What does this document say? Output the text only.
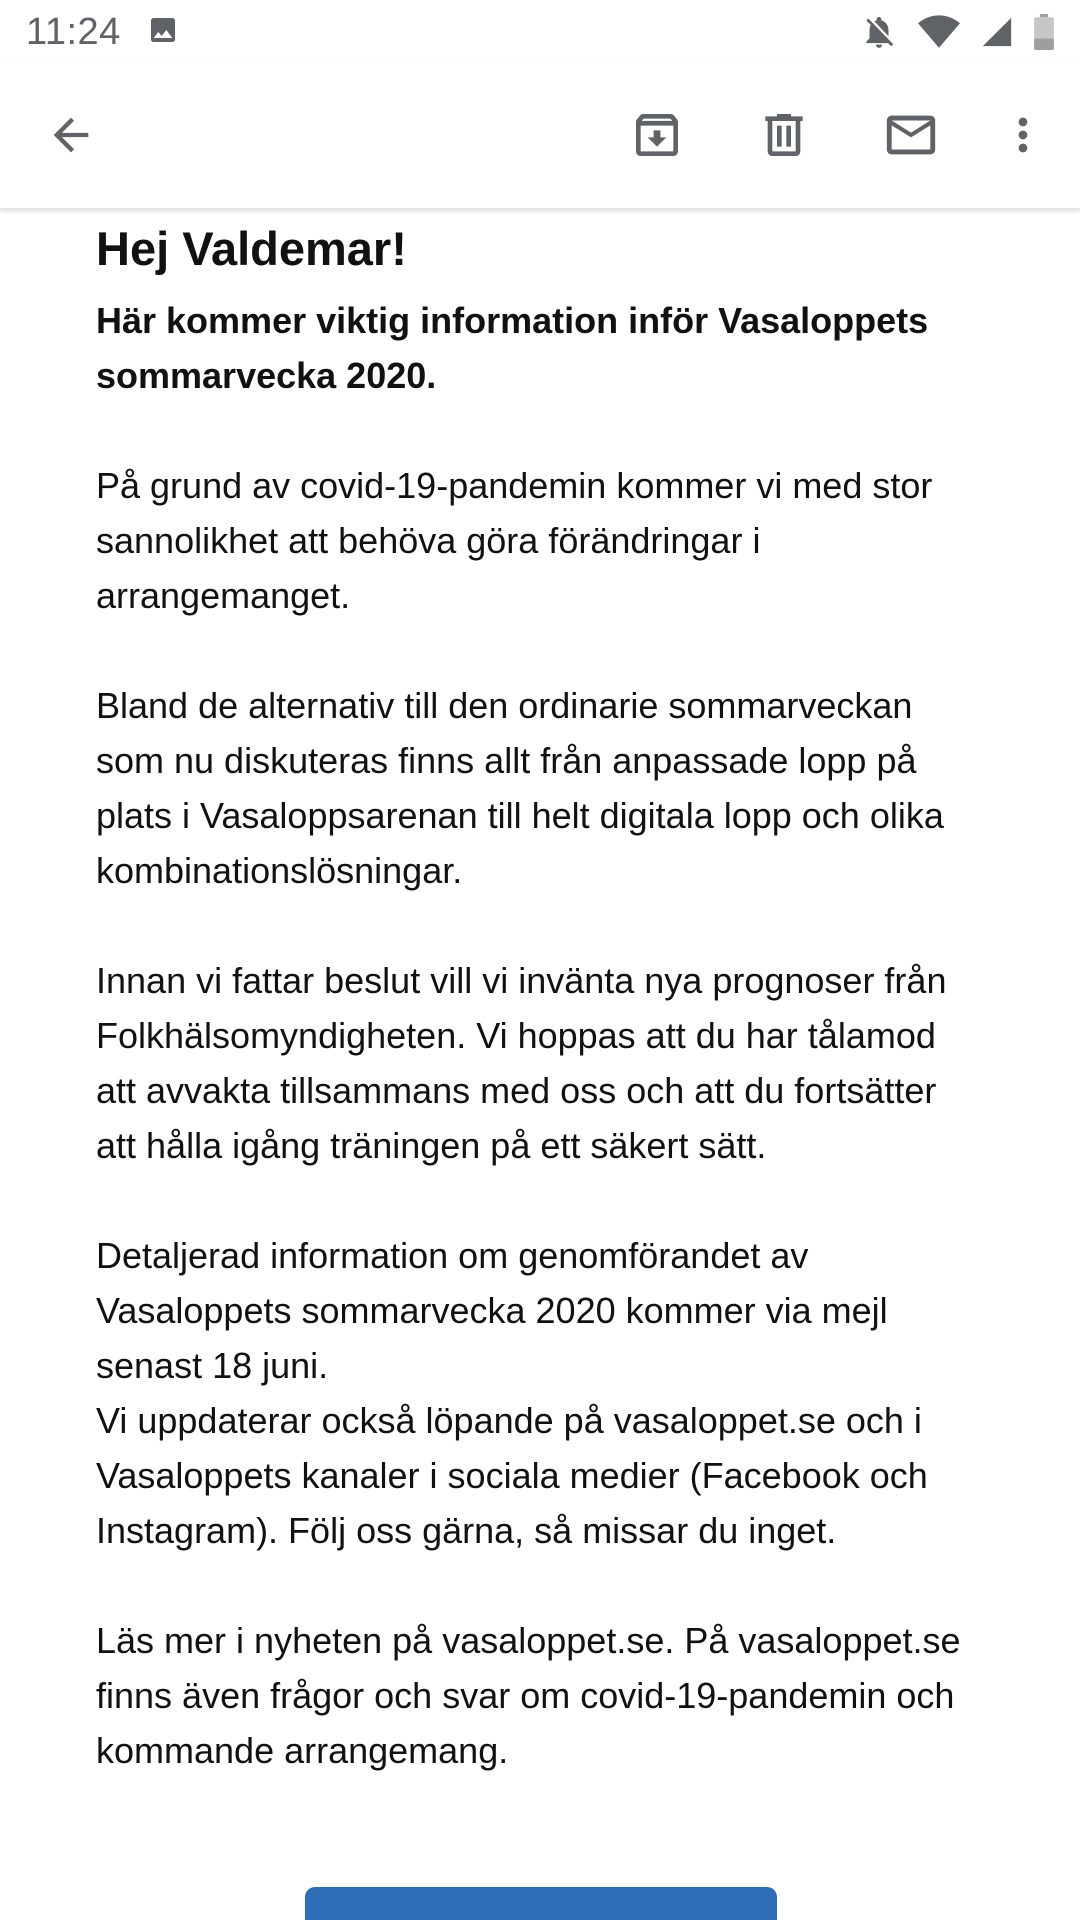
11:24
Hej Valdemar!

Här kommer viktig information inför Vasaloppets sommarvecka 2020.

På grund av covid-19-pandemin kommer vi med stor sannolikhet att behöva göra förändringar i arrangemanget.

Bland de alternativ till den ordinarie sommarveckan som nu diskuteras finns allt från anpassade lopp på plats i Vasaloppsarenan till helt digitala lopp och olika kombinationslösningar.

Innan vi fattar beslut vill vi invänta nya prognoser från Folkhälsomyndigheten. Vi hoppas att du har tålamod att avvakta tillsammans med oss och att du fortsätter att hålla igång träningen på ett säkert sätt.

Detaljerad information om genomförandet av Vasaloppets sommarvecka 2020 kommer via mejl senast 18 juni.

Vi uppdaterar också löpande på vasaloppet.se och i Vasaloppets kanaler i sociala medier (Facebook och Instagram). Följ oss gärna, så missar du inget.

Läs mer i nyheten på vasaloppet.se. På vasaloppet.se finns även frågor och svar om covid-19-pandemin och kommande arrangemang.
